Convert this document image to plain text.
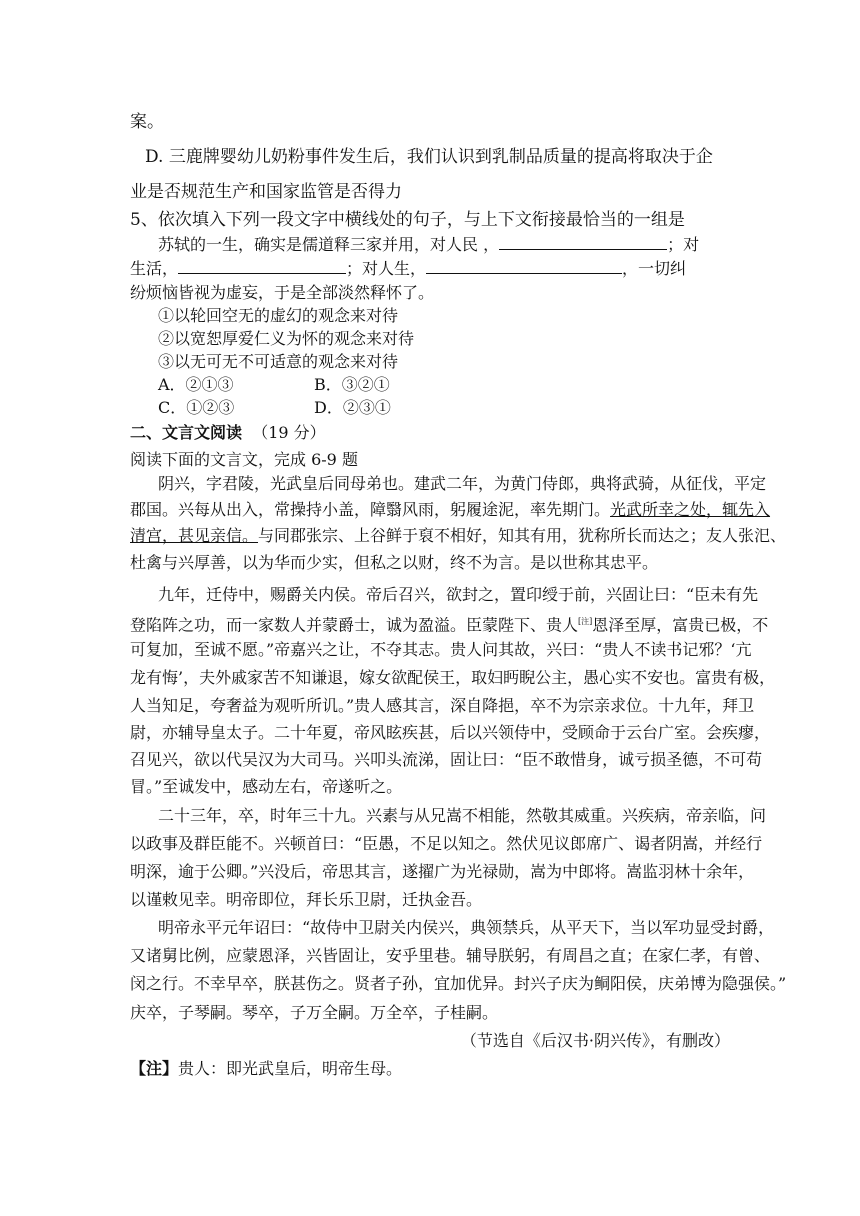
案。
D. 三鹿牌婴幼儿奶粉事件发生后，我们认识到乳制品质量的提高将取决于企
业是否规范生产和国家监管是否得力
5、依次填入下列一段文字中横线处的句子，与上下文衔接最恰当的一组是
苏轼的一生，确实是儒道释三家并用，对人民 ，	；对
生活，	；对人生，	，一切纠
纷烦恼皆视为虚妄，于是全部淡然释怀了。
①以轮回空无的虚幻的观念来对待
②以宽恕厚爱仁义为怀的观念来对待
③以无可无不可适意的观念来对待
A．②①③	B．③②①
C．①②③	D．②③①
二、文言文阅读 （19 分）
阅读下面的文言文，完成 6-9 题
阴兴，字君陵，光武皇后同母弟也。建武二年，为黄门侍郎，典将武骑，从征伐，平定
郡国。兴每从出入，常操持小盖，障翳风雨，躬履途泥，率先期门。光武所幸之处，辄先入
清宫，甚见亲信。与同郡张宗、上谷鲜于裒不相好，知其有用，犹称所长而达之；友人张汜、
杜禽与兴厚善，以为华而少实，但私之以财，终不为言。是以世称其忠平。
九年，迁侍中，赐爵关内侯。帝后召兴，欲封之，置印绶于前，兴固让曰：“臣未有先
登陷阵之功，而一家数人并蒙爵士，诚为盈溢。臣蒙陛下、贵人[注]恩泽至厚，富贵已极，不
可复加，至诚不愿。”帝嘉兴之让，不夺其志。贵人问其故，兴曰：“贵人不读书记邪？‘亢
龙有悔’，夫外戚家苦不知谦退，嫁女欲配侯王，取妇眄睨公主，愚心实不安也。富贵有极，
人当知足，夸奢益为观听所讥。”贵人感其言，深自降挹，卒不为宗亲求位。十九年，拜卫
尉，亦辅导皇太子。二十年夏，帝风眩疾甚，后以兴领侍中，受顾命于云台广室。会疾瘳，
召见兴，欲以代吴汉为大司马。兴叩头流涕，固让曰：“臣不敢惜身，诚亏损圣德，不可苟
冒。”至诚发中，感动左右，帝遂听之。
二十三年，卒，时年三十九。兴素与从兄嵩不相能，然敬其威重。兴疾病，帝亲临，问
以政事及群臣能不。兴顿首曰：“臣愚，不足以知之。然伏见议郎席广、谒者阴嵩，并经行
明深，逾于公卿。”兴没后，帝思其言，遂擢广为光禄勋，嵩为中郎将。嵩监羽林十余年，
以谨敕见幸。明帝即位，拜长乐卫尉，迁执金吾。
明帝永平元年诏曰：“故侍中卫尉关内侯兴，典领禁兵，从平天下，当以军功显受封爵，
又诸舅比例，应蒙恩泽，兴皆固让，安乎里巷。辅导朕躬，有周昌之直；在家仁孝，有曾、
闵之行。不幸早卒，朕甚伤之。贤者子孙，宜加优异。封兴子庆为鲖阳侯，庆弟博为隐强侯。”
庆卒，子琴嗣。琴卒，子万全嗣。万全卒，子桂嗣。
（节选自《后汉书·阴兴传》，有删改）
【注】贵人：即光武皇后，明帝生母。
